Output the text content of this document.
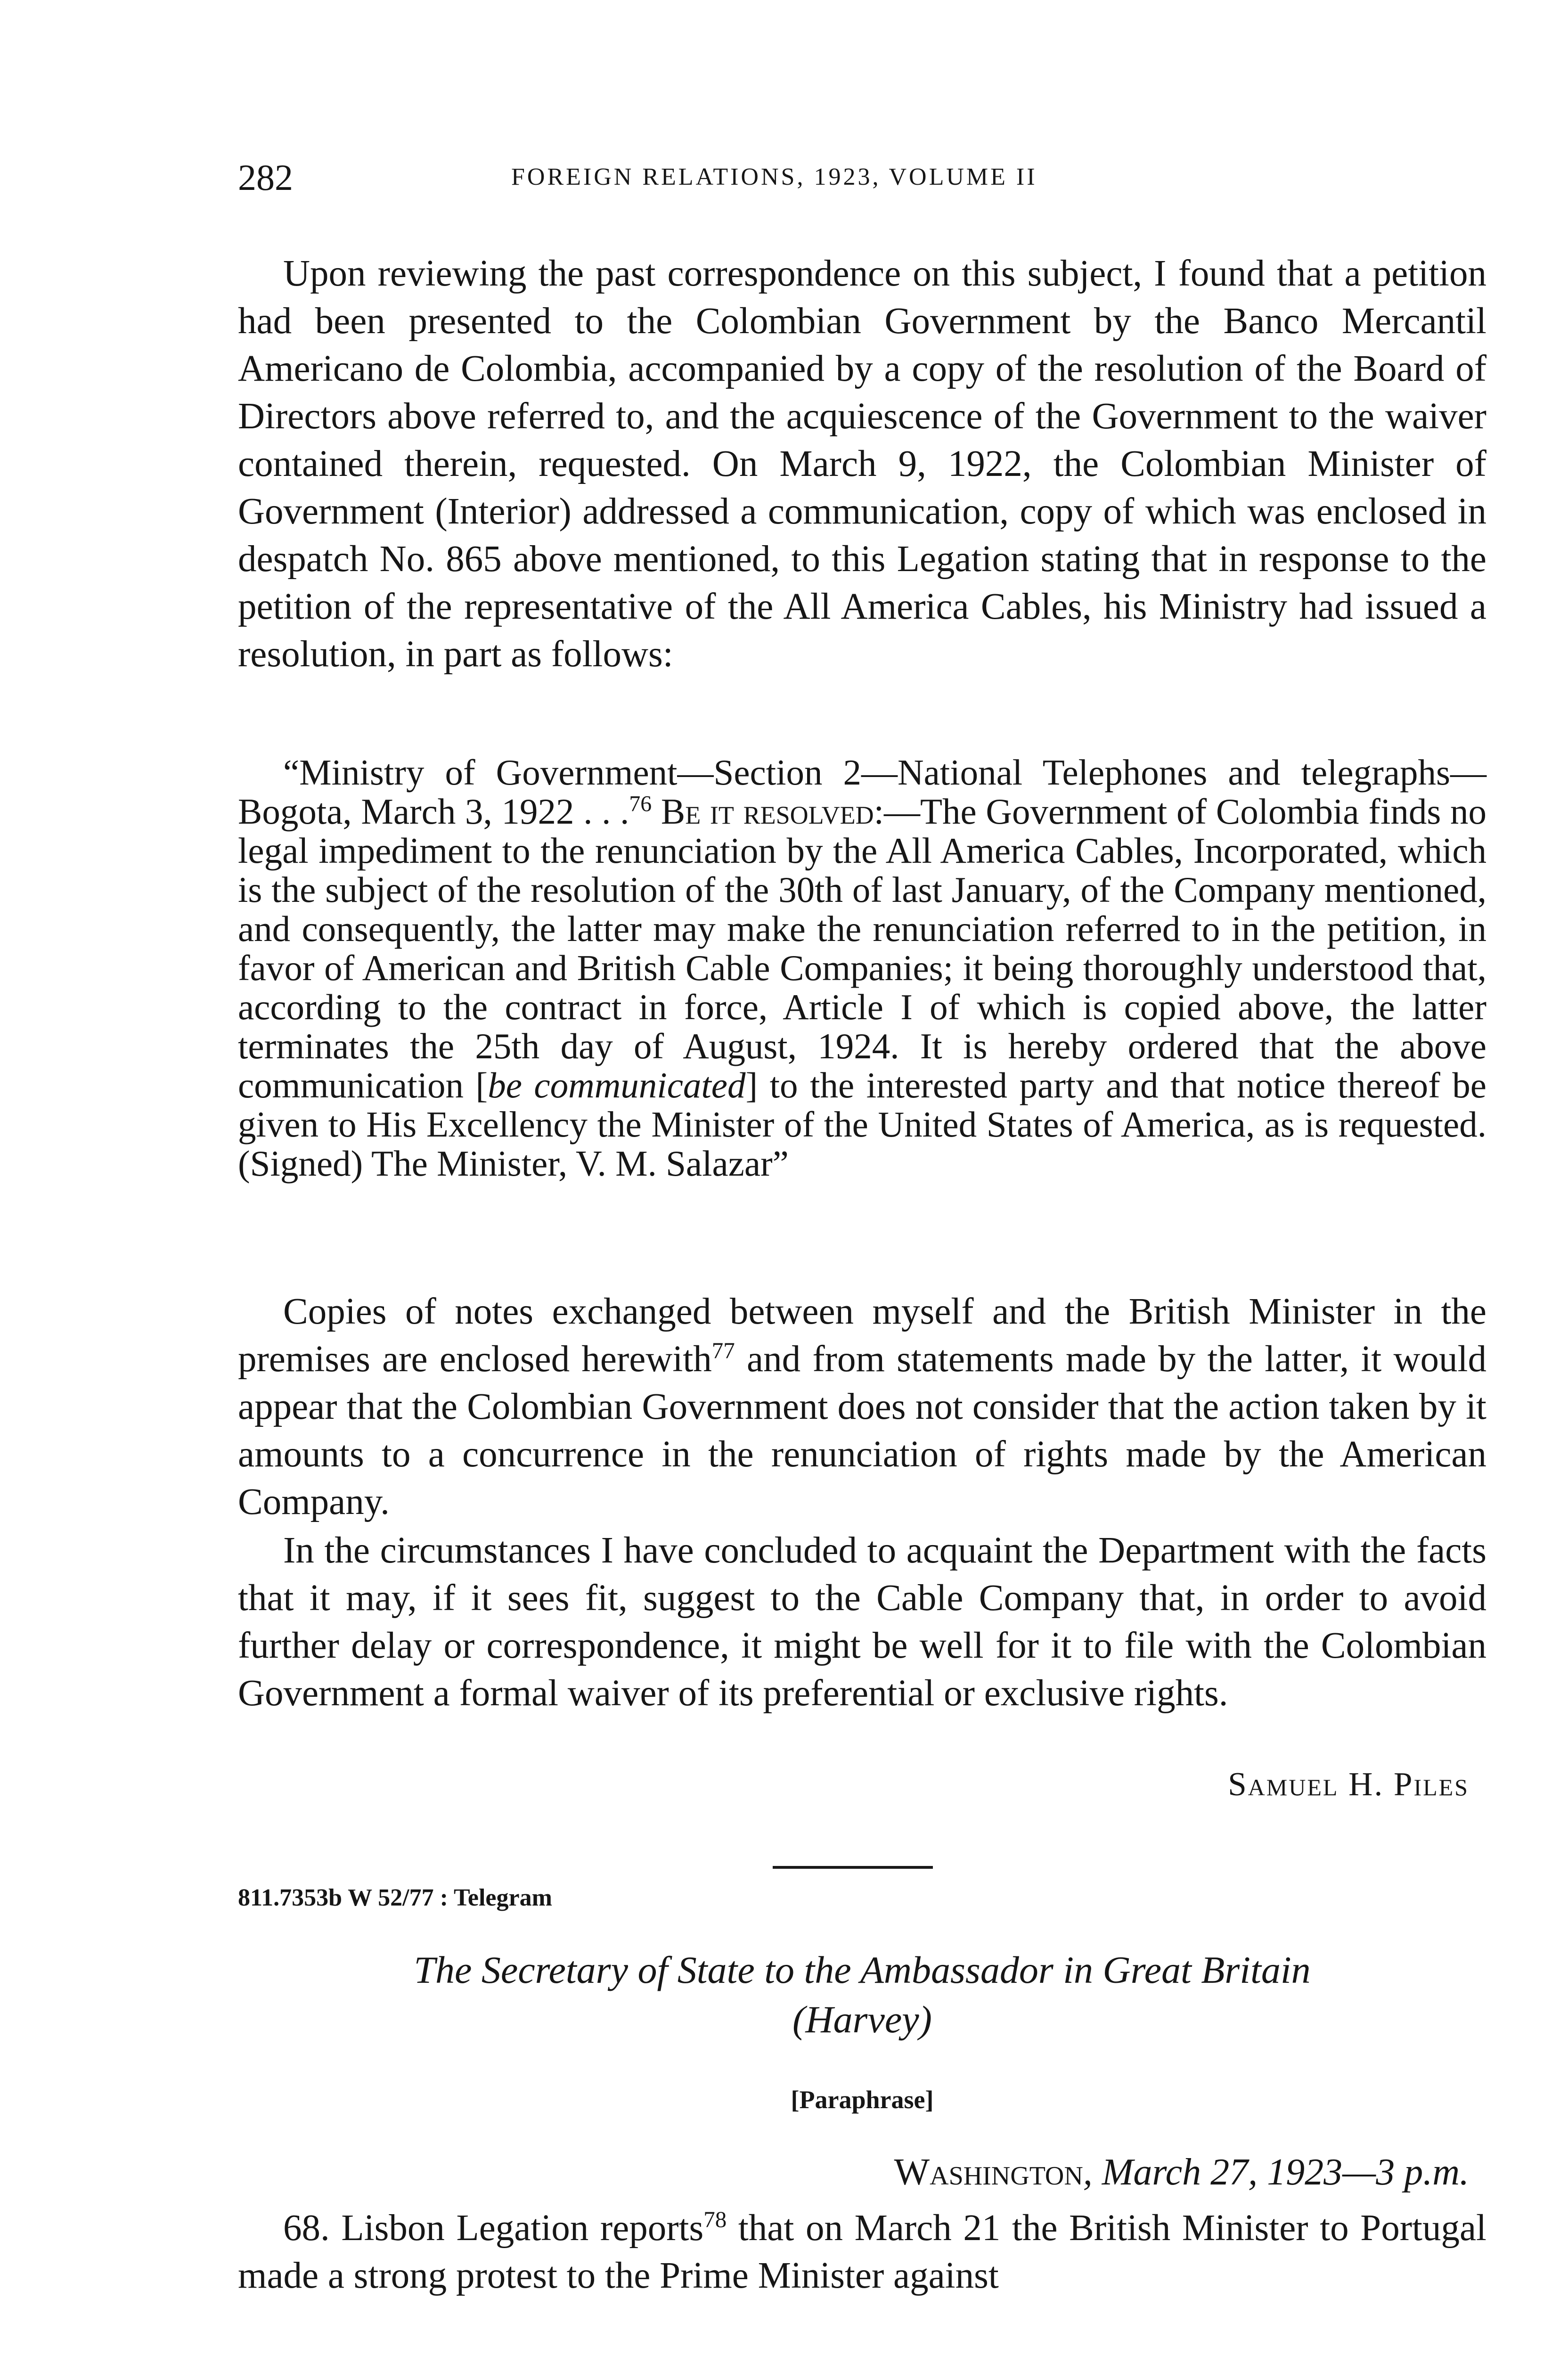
282	FOREIGN RELATIONS, 1923, VOLUME II

Upon reviewing the past correspondence on this subject, I found that a petition had been presented to the Colombian Government by the Banco Mercantil Americano de Colombia, accompanied by a copy of the resolution of the Board of Directors above referred to, and the acquiescence of the Government to the waiver contained therein, requested. On March 9, 1922, the Colombian Minister of Government (Interior) addressed a communication, copy of which was enclosed in despatch No. 865 above mentioned, to this Legation stating that in response to the petition of the representative of the All America Cables, his Ministry had issued a resolution, in part as follows:

“Ministry of Government—Section 2—National Telephones and telegraphs—Bogota, March 3, 1922 . . .$^{76}$ Be it resolved:—The Government of Colombia finds no legal impediment to the renunciation by the All America Cables, Incorporated, which is the subject of the resolution of the 30th of last January, of the Company mentioned, and consequently, the latter may make the renunciation referred to in the petition, in favor of American and British Cable Companies; it being thoroughly understood that, according to the contract in force, Article I of which is copied above, the latter terminates the 25th day of August, 1924. It is hereby ordered that the above communication [be communicated] to the interested party and that notice thereof be given to His Excellency the Minister of the United States of America, as is requested. (Signed) The Minister, V. M. Salazar”

Copies of notes exchanged between myself and the British Minister in the premises are enclosed herewith$^{77}$ and from statements made by the latter, it would appear that the Colombian Government does not consider that the action taken by it amounts to a concurrence in the renunciation of rights made by the American Company.

In the circumstances I have concluded to acquaint the Department with the facts that it may, if it sees fit, suggest to the Cable Company that, in order to avoid further delay or correspondence, it might be well for it to file with the Colombian Government a formal waiver of its preferential or exclusive rights.

Samuel H. Piles
811.7353b W 52/77 : Telegram
The Secretary of State to the Ambassador in Great Britain
(Harvey)
[Paraphrase]
Washington, March 27, 1923—3 p.m.

68. Lisbon Legation reports$^{78}$ that on March 21 the British Minister to Portugal made a strong protest to the Prime Minister against
